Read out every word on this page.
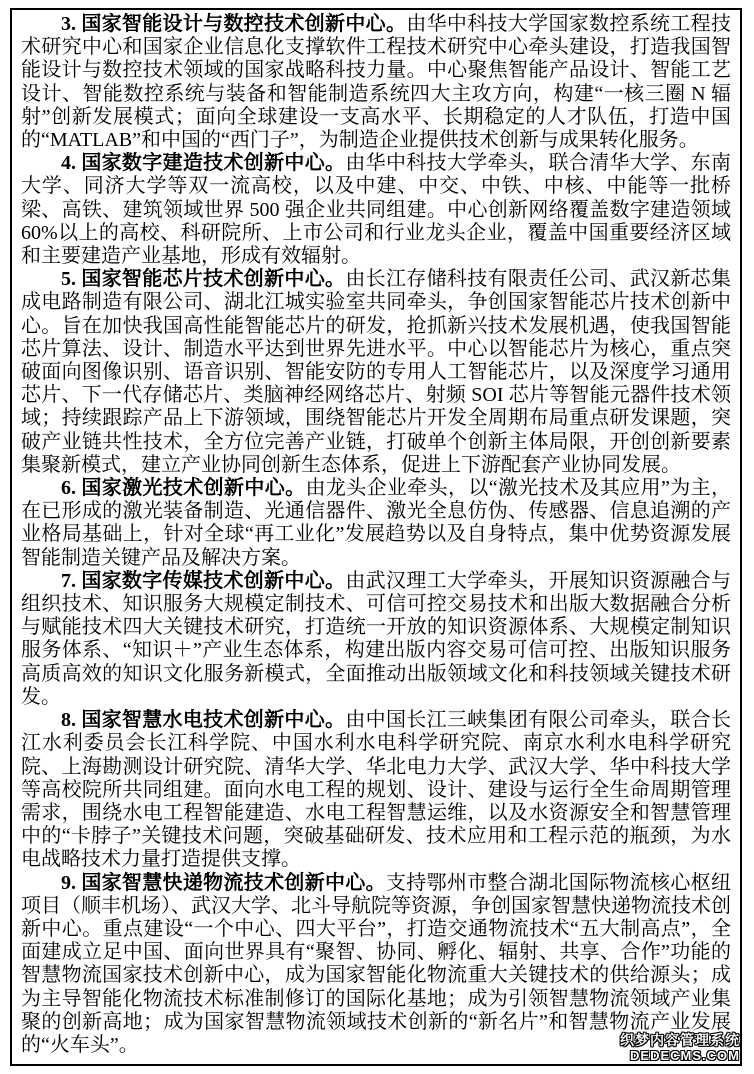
3. 国家智能设计与数控技术创新中心。由华中科技大学国家数控系统工程技术研究中心和国家企业信息化支撑软件工程技术研究中心牵头建设，打造我国智能设计与数控技术领域的国家战略科技力量。中心聚焦智能产品设计、智能工艺设计、智能数控系统与装备和智能制造系统四大主攻方向，构建“一核三圈 N 辐射”创新发展模式；面向全球建设一支高水平、长期稳定的人才队伍，打造中国的“MATLAB”和中国的“西门子”，为制造企业提供技术创新与成果转化服务。

4. 国家数字建造技术创新中心。由华中科技大学牵头，联合清华大学、东南大学、同济大学等双一流高校，以及中建、中交、中铁、中核、中能等一批桥梁、高铁、建筑领域世界 500 强企业共同组建。中心创新网络覆盖数字建造领域 60%以上的高校、科研院所、上市公司和行业龙头企业，覆盖中国重要经济区域和主要建造产业基地，形成有效辐射。

5. 国家智能芯片技术创新中心。由长江存储科技有限责任公司、武汉新芯集成电路制造有限公司、湖北江城实验室共同牵头，争创国家智能芯片技术创新中心。旨在加快我国高性能智能芯片的研发，抢抓新兴技术发展机遇，使我国智能芯片算法、设计、制造水平达到世界先进水平。中心以智能芯片为核心，重点突破面向图像识别、语音识别、智能安防的专用人工智能芯片，以及深度学习通用芯片、下一代存储芯片、类脑神经网络芯片、射频 SOI 芯片等智能元器件技术领域；持续跟踪产品上下游领域，围绕智能芯片开发全周期布局重点研发课题，突破产业链共性技术，全方位完善产业链，打破单个创新主体局限，开创创新要素集聚新模式，建立产业协同创新生态体系，促进上下游配套产业协同发展。

6. 国家激光技术创新中心。由龙头企业牵头，以“激光技术及其应用”为主，在已形成的激光装备制造、光通信器件、激光全息仿伪、传感器、信息追溯的产业格局基础上，针对全球“再工业化”发展趋势以及自身特点，集中优势资源发展智能制造关键产品及解决方案。

7. 国家数字传媒技术创新中心。由武汉理工大学牵头，开展知识资源融合与组织技术、知识服务大规模定制技术、可信可控交易技术和出版大数据融合分析与赋能技术四大关键技术研究，打造统一开放的知识资源体系、大规模定制知识服务体系、“知识＋”产业生态体系，构建出版内容交易可信可控、出版知识服务高质高效的知识文化服务新模式，全面推动出版领域文化和科技领域关键技术研发。

8. 国家智慧水电技术创新中心。由中国长江三峡集团有限公司牵头，联合长江水利委员会长江科学院、中国水利水电科学研究院、南京水利水电科学研究院、上海勘测设计研究院、清华大学、华北电力大学、武汉大学、华中科技大学等高校院所共同组建。面向水电工程的规划、设计、建设与运行全生命周期管理需求，围绕水电工程智能建造、水电工程智慧运维，以及水资源安全和智慧管理中的“卡脖子”关键技术问题，突破基础研发、技术应用和工程示范的瓶颈，为水电战略技术力量打造提供支撑。

9. 国家智慧快递物流技术创新中心。支持鄂州市整合湖北国际物流核心枢纽项目（顺丰机场）、武汉大学、北斗导航院等资源，争创国家智慧快递物流技术创新中心。重点建设“一个中心、四大平台”，打造交通物流技术“五大制高点”，全面建成立足中国、面向世界具有“聚智、协同、孵化、辐射、共享、合作”功能的智慧物流国家技术创新中心，成为国家智能化物流重大关键技术的供给源头；成为主导智能化物流技术标准制修订的国际化基地；成为引领智慧物流领域产业集聚的创新高地；成为国家智慧物流领域技术创新的“新名片”和智慧物流产业发展的“火车头”。	织梦内容管理系统
DEDECMS.COM
